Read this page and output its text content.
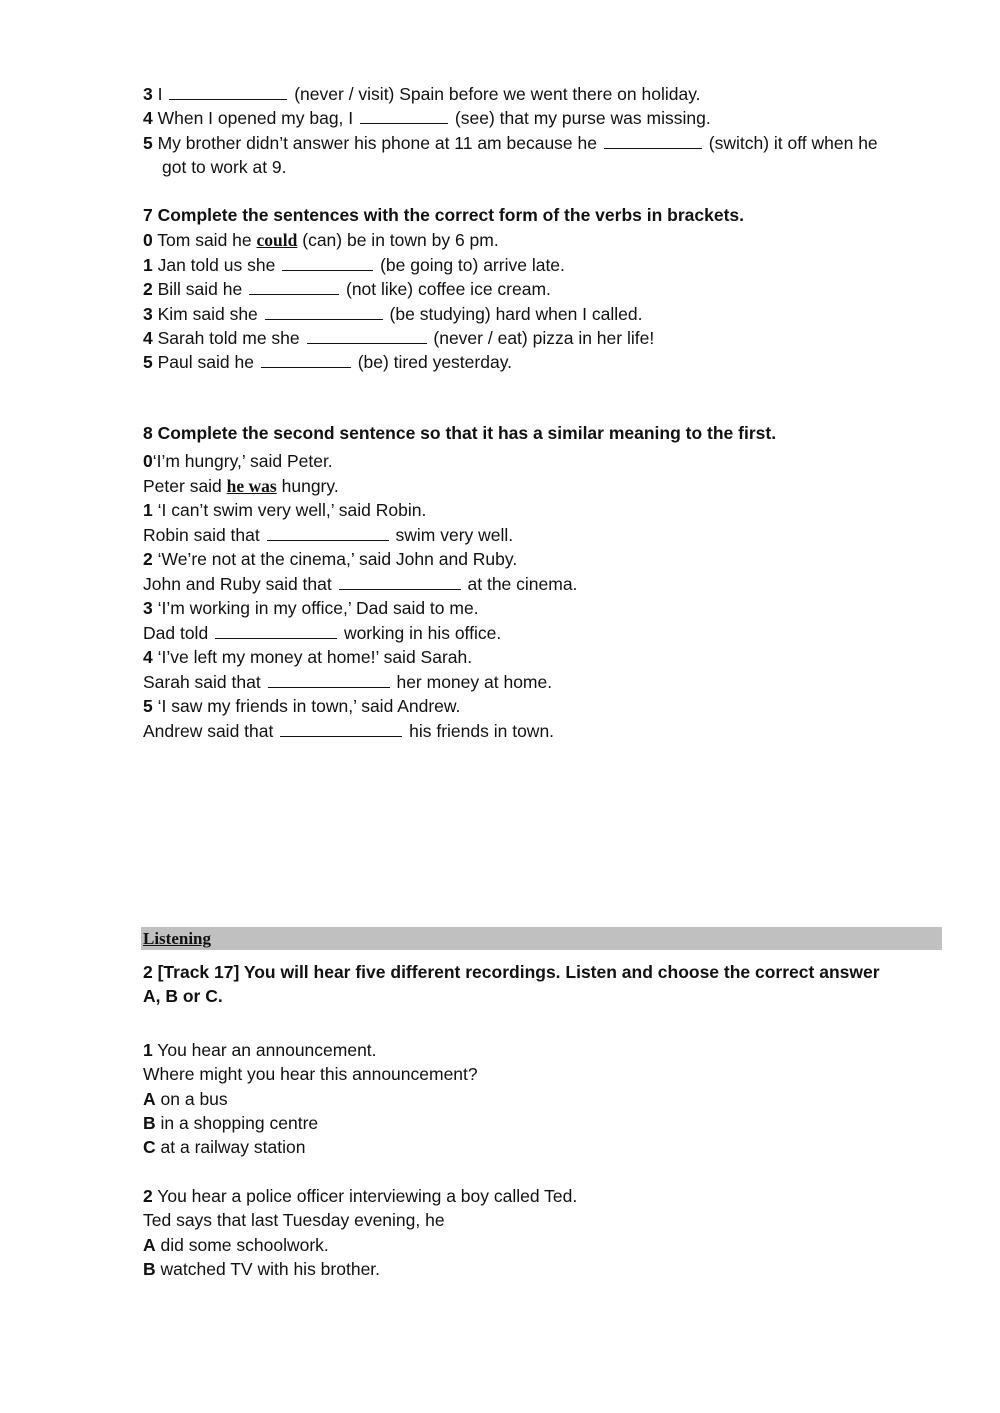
3 I	(never / visit) Spain before we went there on holiday.
4 When I opened my bag, I	(see) that my purse was missing.
5 My brother didn’t answer his phone at 11 am because he	(switch) it off when he
got to work at 9.
7 Complete the sentences with the correct form of the verbs in brackets.
0 Tom said he could (can) be in town by 6 pm.
1 Jan told us she	(be going to) arrive late.
2 Bill said he	(not like) coffee ice cream.
3 Kim said she	(be studying) hard when I called.
4 Sarah told me she	(never / eat) pizza in her life!
5 Paul said he	(be) tired yesterday.
8 Complete the second sentence so that it has a similar meaning to the first.
0‘I’m hungry,’ said Peter.
Peter said he was hungry.
1 ‘I can’t swim very well,’ said Robin.
Robin said that	swim very well.
2 ‘We’re not at the cinema,’ said John and Ruby.
John and Ruby said that	at the cinema.
3 ‘I’m working in my office,’ Dad said to me.
Dad told	working in his office.
4 ‘I’ve left my money at home!’ said Sarah.
Sarah said that	her money at home.
5 ‘I saw my friends in town,’ said Andrew.
Andrew said that	his friends in town.
Listening
2 [Track 17] You will hear five different recordings. Listen and choose the correct answer
A, B or C.
1 You hear an announcement.
Where might you hear this announcement?
A on a bus
B in a shopping centre
C at a railway station
2 You hear a police officer interviewing a boy called Ted.
Ted says that last Tuesday evening, he
A did some schoolwork.
B watched TV with his brother.
